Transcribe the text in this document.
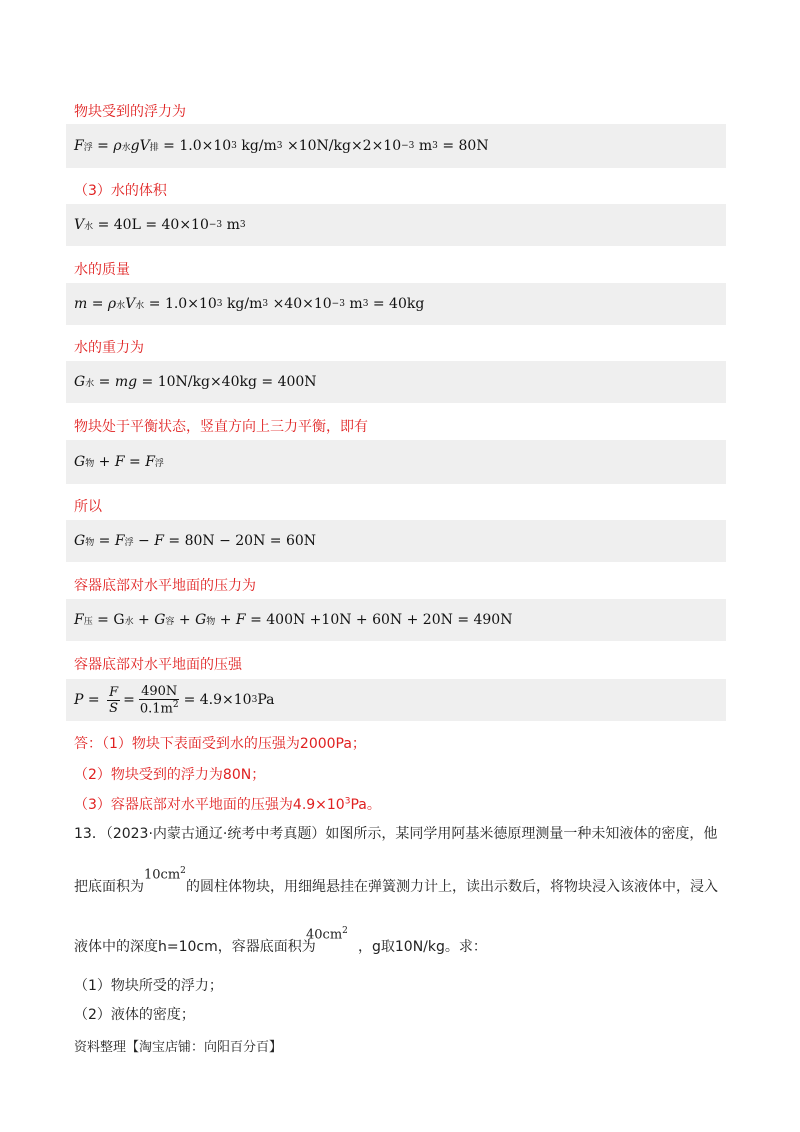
物块受到的浮力为
F 浮 = ρ 水 gV 排 = 1.0×10 3 kg/m 3 ×10N/kg×2×10 −3 m 3 = 80N
（3）水的体积
V 水 = 40L = 40×10 −3 m 3
水的质量
m = ρ 水 V 水 = 1.0×10 3 kg/m 3 ×40×10 −3 m 3 = 40kg
水的重力为
G 水 = mg = 10N/kg×40kg = 400N
物块处于平衡状态，竖直方向上三力平衡，即有
G 物 + F = F 浮
所以
G 物 = F 浮 − F = 80N − 20N = 60N
容器底部对水平地面的压力为
F 压 = G 水 + G 容 + G 物 + F = 400N +10N + 60N + 20N = 490N
容器底部对水平地面的压强
$P = \frac{F}{S} = \frac{490N}{0.1m^2} = 4.9\times 10$ 3 Pa
答：（1）物块下表面受到水的压强为2000Pa；
（2）物块受到的浮力为80N；
（3）容器底部对水平地面的压强为$4.9\times 10^3Pa$。
13．（2023·内蒙古通辽·统考中考真题）如图所示，某同学用阿基米德原理测量一种未知液体的密度，他
$10cm^2$
把底面积为	的圆柱体物块，用细绳悬挂在弹簧测力计上，读出示数后，将物块浸入该液体中，浸入
$40cm^2$
液体中的深度h=10cm，容器底面积为	，g取10N/kg。求：
（1）物块所受的浮力；
（2）液体的密度；
资料整理【淘宝店铺：向阳百分百】
